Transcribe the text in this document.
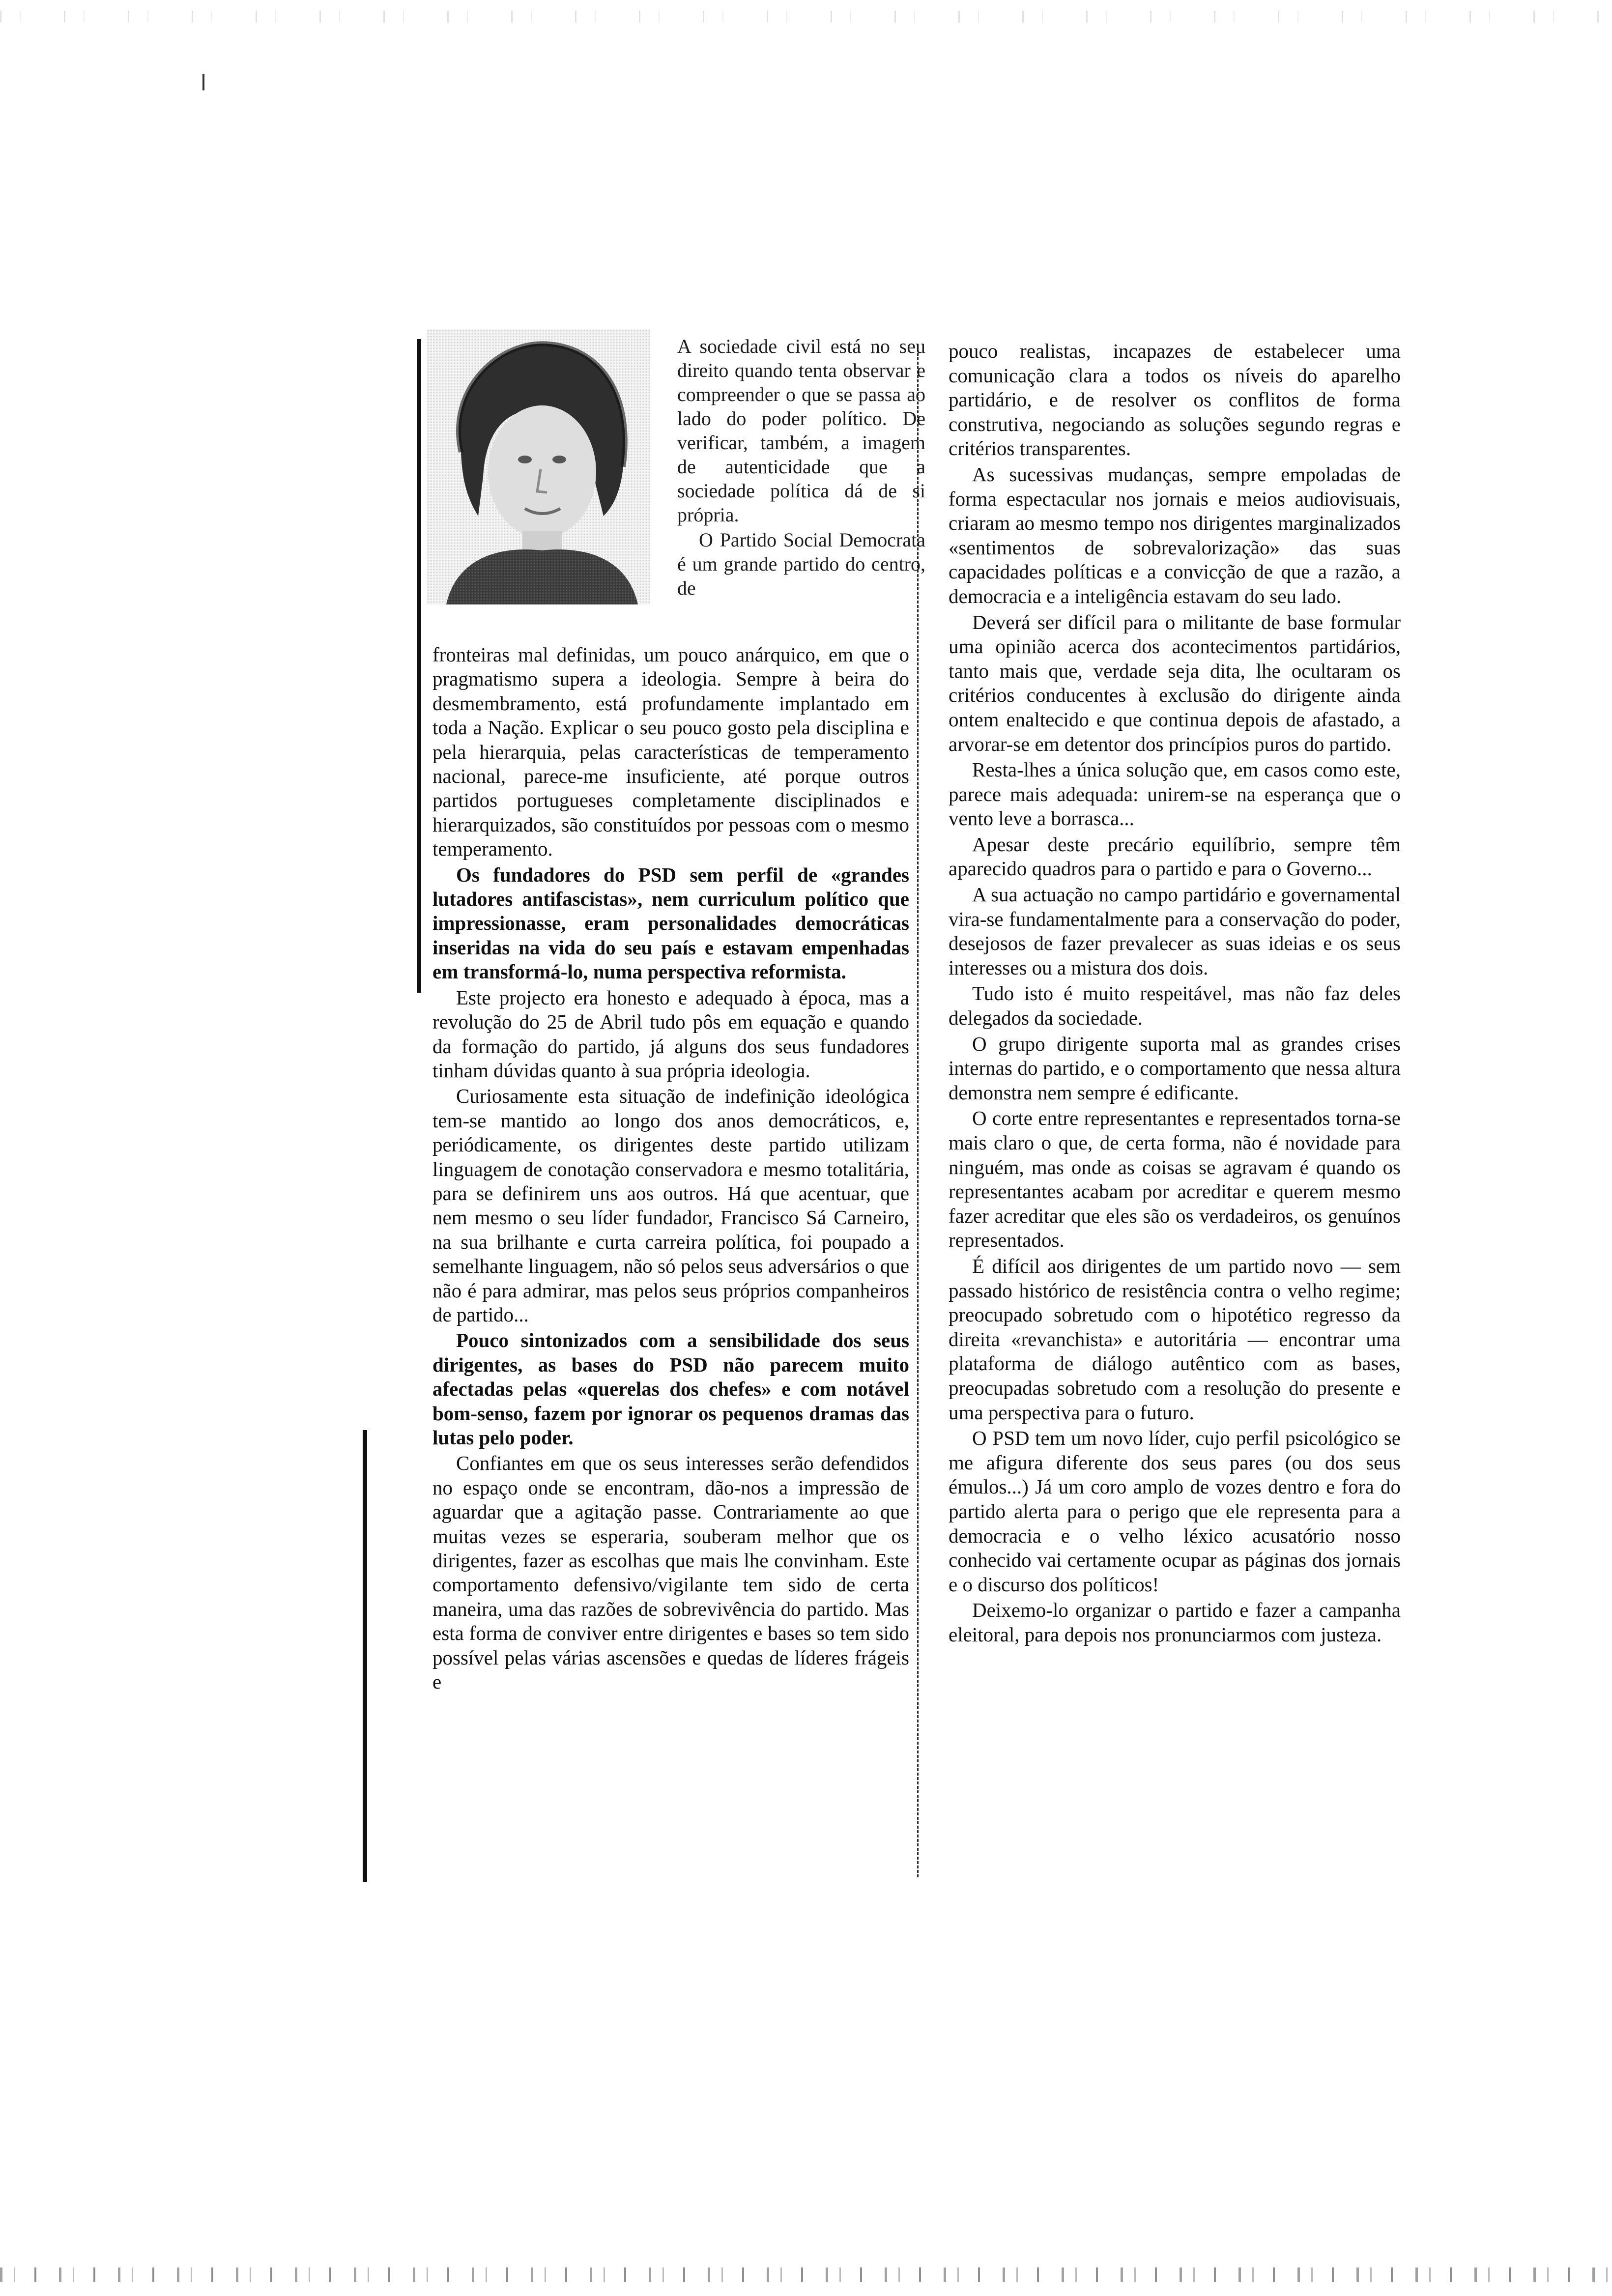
A sociedade civil está no seu direito quando tenta observar e compreender o que se passa ao lado do poder político. De verificar, também, a imagem de autenticidade que a sociedade política dá de si própria.

O Partido Social Democrata é um grande partido do centro, de

fronteiras mal definidas, um pouco anárquico, em que o pragmatismo supera a ideologia. Sempre à beira do desmembramento, está profundamente implantado em toda a Nação. Explicar o seu pouco gosto pela disciplina e pela hierarquia, pelas características de temperamento nacional, parece-me insuficiente, até porque outros partidos portugueses completamente disciplinados e hierarquizados, são constituídos por pessoas com o mesmo temperamento.

Os fundadores do PSD sem perfil de «grandes lutadores antifascistas», nem curriculum político que impressionasse, eram personalidades democráticas inseridas na vida do seu país e estavam empenhadas em transformá-lo, numa perspectiva reformista.

Este projecto era honesto e adequado à época, mas a revolução do 25 de Abril tudo pôs em equação e quando da formação do partido, já alguns dos seus fundadores tinham dúvidas quanto à sua própria ideologia.

Curiosamente esta situação de indefinição ideológica tem-se mantido ao longo dos anos democráticos, e, periódicamente, os dirigentes deste partido utilizam linguagem de conotação conservadora e mesmo totalitária, para se definirem uns aos outros. Há que acentuar, que nem mesmo o seu líder fundador, Francisco Sá Carneiro, na sua brilhante e curta carreira política, foi poupado a semelhante linguagem, não só pelos seus adversários o que não é para admirar, mas pelos seus próprios companheiros de partido...

Pouco sintonizados com a sensibilidade dos seus dirigentes, as bases do PSD não parecem muito afectadas pelas «querelas dos chefes» e com notável bom-senso, fazem por ignorar os pequenos dramas das lutas pelo poder.

Confiantes em que os seus interesses serão defendidos no espaço onde se encontram, dão-nos a impressão de aguardar que a agitação passe. Contrariamente ao que muitas vezes se esperaria, souberam melhor que os dirigentes, fazer as escolhas que mais lhe convinham. Este comportamento defensivo/vigilante tem sido de certa maneira, uma das razões de sobrevivência do partido. Mas esta forma de conviver entre dirigentes e bases so tem sido possível pelas várias ascensões e quedas de líderes frágeis e

pouco realistas, incapazes de estabelecer uma comunicação clara a todos os níveis do aparelho partidário, e de resolver os conflitos de forma construtiva, negociando as soluções segundo regras e critérios transparentes.

As sucessivas mudanças, sempre empoladas de forma espectacular nos jornais e meios audiovisuais, criaram ao mesmo tempo nos dirigentes marginalizados «sentimentos de sobrevalorização» das suas capacidades políticas e a convicção de que a razão, a democracia e a inteligência estavam do seu lado.

Deverá ser difícil para o militante de base formular uma opinião acerca dos acontecimentos partidários, tanto mais que, verdade seja dita, lhe ocultaram os critérios conducentes à exclusão do dirigente ainda ontem enaltecido e que continua depois de afastado, a arvorar-se em detentor dos princípios puros do partido.

Resta-lhes a única solução que, em casos como este, parece mais adequada: unirem-se na esperança que o vento leve a borrasca...

Apesar deste precário equilíbrio, sempre têm aparecido quadros para o partido e para o Governo...

A sua actuação no campo partidário e governamental vira-se fundamentalmente para a conservação do poder, desejosos de fazer prevalecer as suas ideias e os seus interesses ou a mistura dos dois.

Tudo isto é muito respeitável, mas não faz deles delegados da sociedade.

O grupo dirigente suporta mal as grandes crises internas do partido, e o comportamento que nessa altura demonstra nem sempre é edificante.

O corte entre representantes e representados torna-se mais claro o que, de certa forma, não é novidade para ninguém, mas onde as coisas se agravam é quando os representantes acabam por acreditar e querem mesmo fazer acreditar que eles são os verdadeiros, os genuínos representados.

É difícil aos dirigentes de um partido novo — sem passado histórico de resistência contra o velho regime; preocupado sobretudo com o hipotético regresso da direita «revanchista» e autoritária — encontrar uma plataforma de diálogo autêntico com as bases, preocupadas sobretudo com a resolução do presente e uma perspectiva para o futuro.

O PSD tem um novo líder, cujo perfil psicológico se me afigura diferente dos seus pares (ou dos seus émulos...) Já um coro amplo de vozes dentro e fora do partido alerta para o perigo que ele representa para a democracia e o velho léxico acusatório nosso conhecido vai certamente ocupar as páginas dos jornais e o discurso dos políticos!

Deixemo-lo organizar o partido e fazer a campanha eleitoral, para depois nos pronunciarmos com justeza.
